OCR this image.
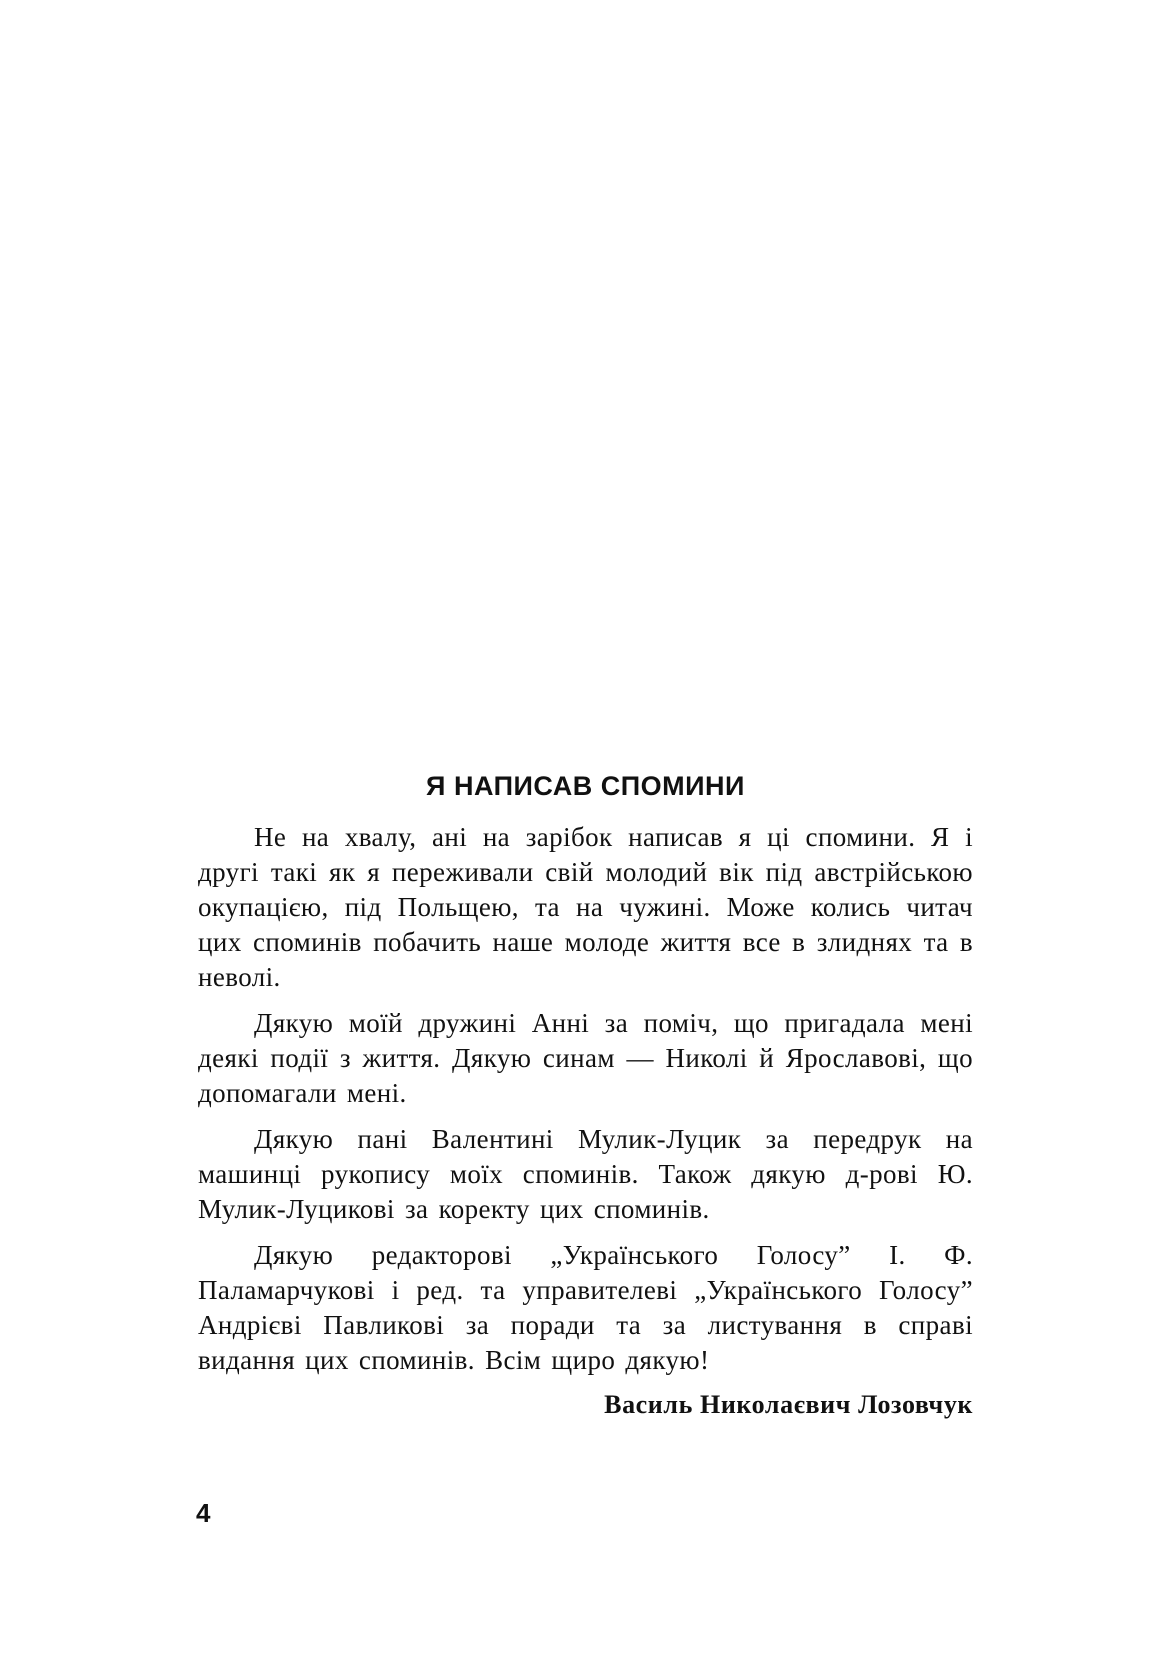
Я НАПИСАВ СПОМИНИ

Не на хвалу, ані на зарібок написав я ці спомини. Я і другі такі як я переживали свій молодий вік під австрійською окупацією, під Польщею, та на чужині. Може колись читач цих споминів побачить наше молоде життя все в злиднях та в неволі.

Дякую моїй дружині Анні за поміч, що пригадала мені деякі події з життя. Дякую синам — Николі й Ярославові, що допомагали мені.

Дякую пані Валентині Мулик-Луцик за передрук на машинці рукопису моїх споминів. Також дякую д-рові Ю. Мулик-Луцикові за коректу цих споминів.

Дякую редакторові „Українського Голосу” І. Ф. Паламарчукові і ред. та управителеві „Українського Голосу” Андрієві Павликові за поради та за листування в справі видання цих споминів. Всім щиро дякую!

Василь Николаєвич Лозовчук
4
